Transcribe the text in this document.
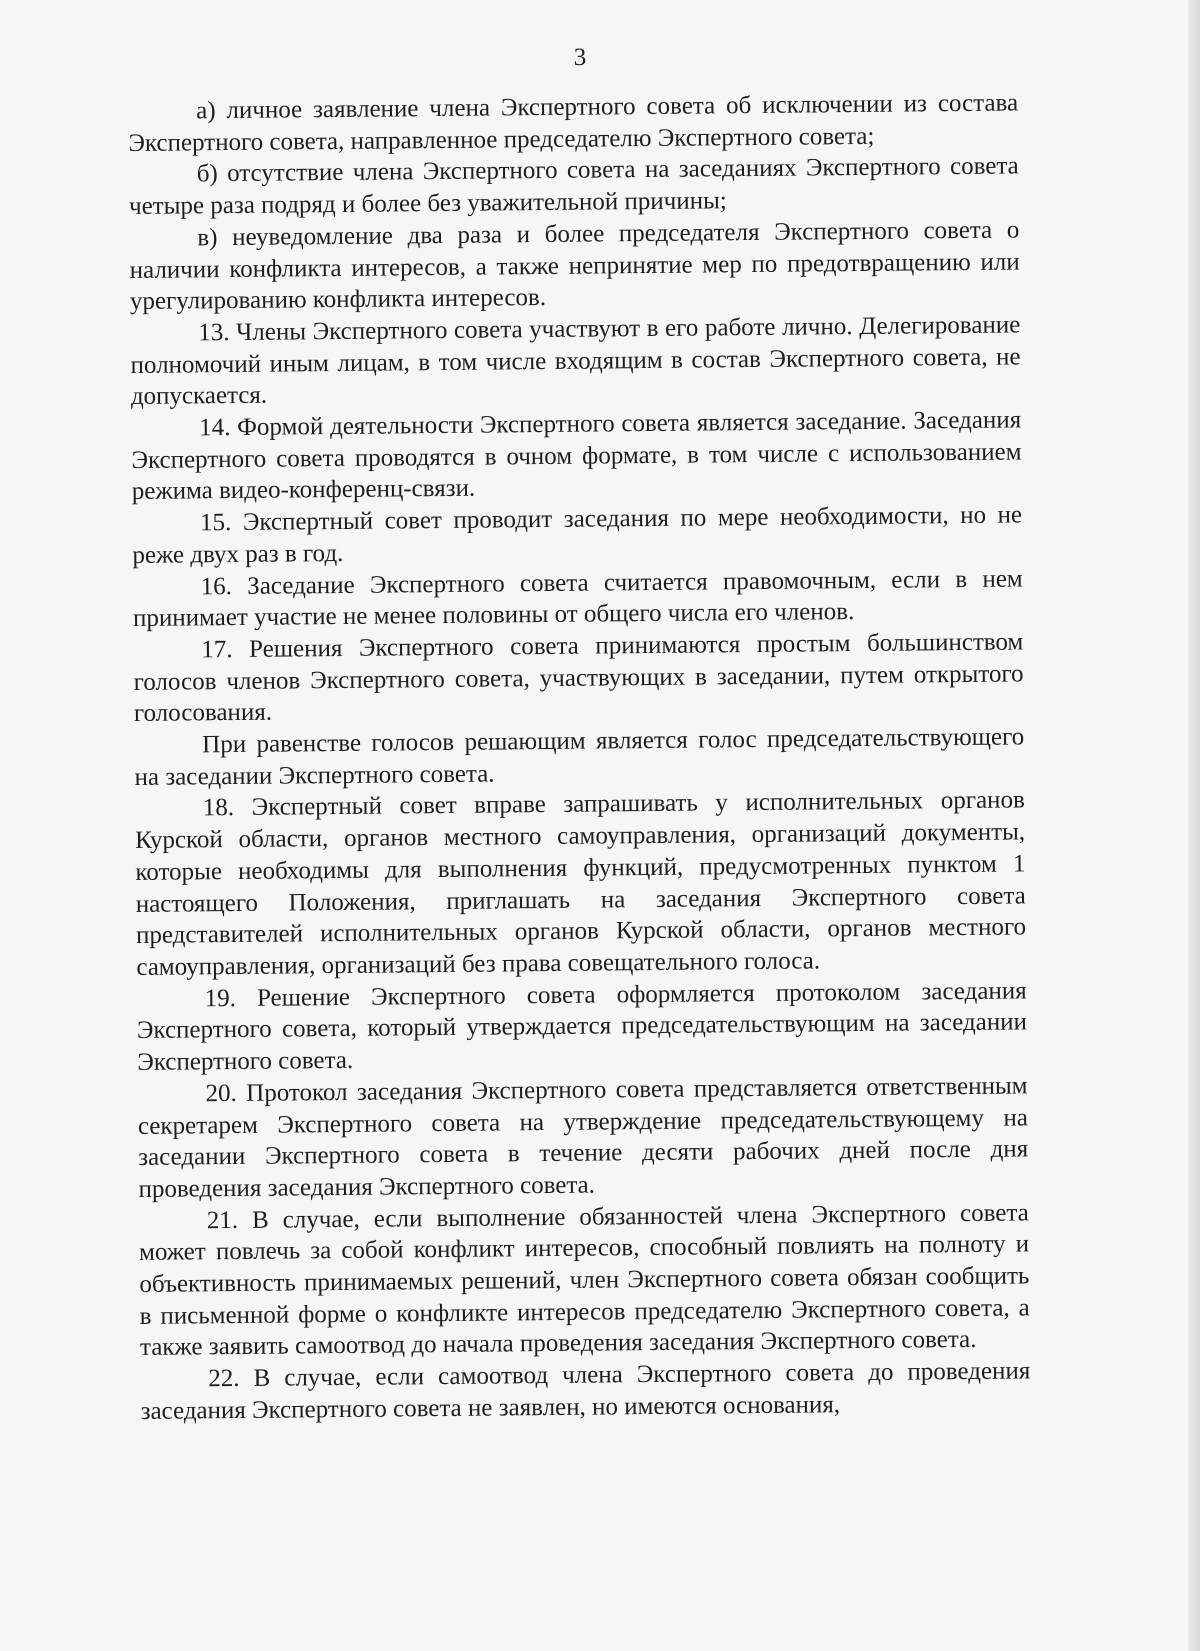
3

а) личное заявление члена Экспертного совета об исключении из состава Экспертного совета, направленное председателю Экспертного совета;

б) отсутствие члена Экспертного совета на заседаниях Экспертного совета четыре раза подряд и более без уважительной причины;

в) неуведомление два раза и более председателя Экспертного совета о наличии конфликта интересов, а также непринятие мер по предотвращению или урегулированию конфликта интересов.

13. Члены Экспертного совета участвуют в его работе лично. Делегирование полномочий иным лицам, в том числе входящим в состав Экспертного совета, не допускается.

14. Формой деятельности Экспертного совета является заседание. Заседания Экспертного совета проводятся в очном формате, в том числе с использованием режима видео-конференц-связи.

15. Экспертный совет проводит заседания по мере необходимости, но не реже двух раз в год.

16. Заседание Экспертного совета считается правомочным, если в нем принимает участие не менее половины от общего числа его членов.

17. Решения Экспертного совета принимаются простым большинством голосов членов Экспертного совета, участвующих в заседании, путем открытого голосования.

При равенстве голосов решающим является голос председательствующего на заседании Экспертного совета.

18. Экспертный совет вправе запрашивать у исполнительных органов Курской области, органов местного самоуправления, организаций документы, которые необходимы для выполнения функций, предусмотренных пунктом 1 настоящего Положения, приглашать на заседания Экспертного совета представителей исполнительных органов Курской области, органов местного самоуправления, организаций без права совещательного голоса.

19. Решение Экспертного совета оформляется протоколом заседания Экспертного совета, который утверждается председательствующим на заседании Экспертного совета.

20. Протокол заседания Экспертного совета представляется ответственным секретарем Экспертного совета на утверждение председательствующему на заседании Экспертного совета в течение десяти рабочих дней после дня проведения заседания Экспертного совета.

21. В случае, если выполнение обязанностей члена Экспертного совета может повлечь за собой конфликт интересов, способный повлиять на полноту и объективность принимаемых решений, член Экспертного совета обязан сообщить в письменной форме о конфликте интересов председателю Экспертного совета, а также заявить самоотвод до начала проведения заседания Экспертного совета.

22. В случае, если самоотвод члена Экспертного совета до проведения заседания Экспертного совета не заявлен, но имеются основания,
